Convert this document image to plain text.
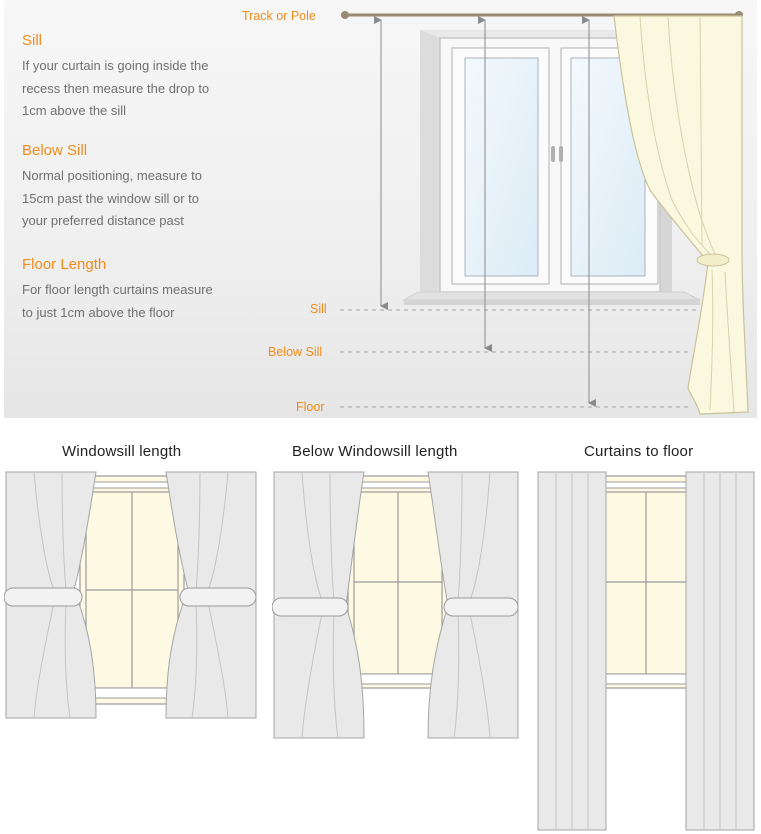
Sill

If your curtain is going inside the
recess then measure the drop to
1cm above the sill

Below Sill

Normal positioning, measure to
15cm past the window sill or to
your preferred distance past

Floor Length

For floor length curtains measure
to just 1cm above the floor

Track or Pole
Sill
Below Sill
Floor
Windowsill length	Below Windowsill length	Curtains to floor
